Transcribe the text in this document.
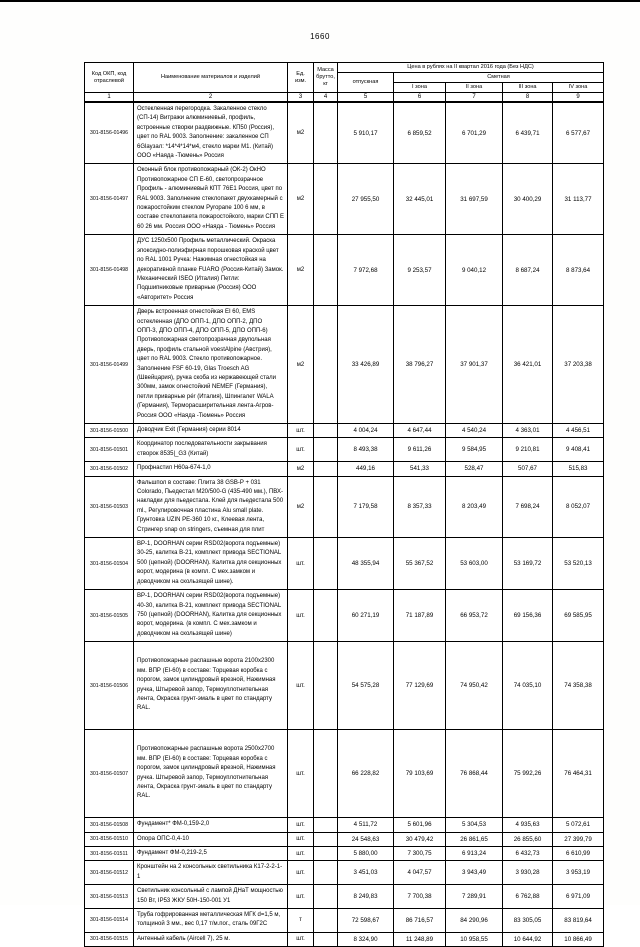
1660
Код ОКП, код отраслевой	Наименование материалов и изделий	Ед. изм.	Масса брутто, кг	Цена в рублях на II квартал 2016 года (Без НДС)				
				отпускная	Сметная			
					I зона	II зона	III зона	IV зона
1	2	3	4	5	6	7	8	9
301-8156-01496	Остекленная перегородка. Закаленное стекло (СП-14) Витражи алюминиевый, профиль, встроенные створки раздвижные. КП50 (Россия), цвет по RAL 9003. Заполнение: закаленное СП 6Glaузал: *14*4*14*м4, стекло марки М1. (Китай) ООО «Наяда -Тюмень» Россия	м2		5 910,17	6 859,52	6 701,29	6 439,71	6 577,67
301-8156-01497	Оконный блок противопожарный (ОК-2) ОкНО Противопожарное СП Е-60, светопрозрачное Профиль - алюминиевый КПТ 76Е1 Россия, цвет по RAL 9003. Заполнение стеклопакет двухкамерный с пожаростойким стеклом Pyropane 100 6 мм, в составе стеклопакета пожаростойкого, марки СПП Е 60 26 мм. Россия ООО «Наяда - Тюмень» Россия	м2		27 955,50	32 445,01	31 697,59	30 400,29	31 113,77
301-8156-01498	ДУС 1250х500 Профиль металлический. Окраска эпоксидно-полиэфирная порошковая краской цвет по RAL 1001 Ручка: Нажимная огнестойкая на декоративной планке FUARO (Россия-Китай) Замок. Механический ISEO (Италия) Петли: Подшипниковые приварные (Россия) ООО «Авторитет» Россия	м2		7 972,68	9 253,57	9 040,12	8 687,24	8 873,64
301-8156-01499	Дверь встроенная огнестойкая EI 60, EMS остекленная (ДПО ОПП-1, ДПО ОПП-2, ДПО ОПП-3, ДПО ОПП-4, ДПО ОПП-5, ДПО ОПП-6) Противопожарная светопрозрачная двупольная дверь, профиль стальной voestAlpine (Австрия), цвет по RAL 9003. Стекло противопожарное. Заполнение FSF 60-19, Glas Troesch AG (Швейцария), ручка скоба из нержавеющей стали 300мм, замок огнестойкий NEMEF (Германия), петли приварные pér (Италия), Шпингалет WALA (Германия), Терморасширительная лента-Агров-Россия ООО «Наяда -Тюмень» Россия	м2		33 426,89	38 796,27	37 901,37	36 421,01	37 203,38
301-8156-01500	Доводчик Exit (Германия) серии 8014	шт.		4 004,24	4 647,44	4 540,24	4 363,01	4 456,51
301-8156-01501	Координатор последовательности закрывания створок 8535|_G3 (Китай)	шт.		8 493,38	9 611,26	9 584,95	9 210,81	9 408,41
301-8156-01502	Профнастил Н60а-674-1,0	м2		449,16	541,33	528,47	507,67	515,83
301-8156-01503	Фальшпол в составе: Плита 38 GSB-P + 031 Colorado, Пьедестал М20/500-G (435-490 мм.), ПВХ-накладки для пьедестала. Клей для пьедестала 500 ml., Регулировочная пластина Alu small plate. Грунтовка UZIN PE-360 10 кг., Клеевая лента, Стрингер snap on stringers, съемная для плит	м2		7 179,58	8 357,33	8 203,49	7 698,24	8 052,07
301-8156-01504	ВР-1, DOORHAN серии RSD02(ворота подъемные) 30-25, калитка В-21, комплект привода SECTIONAL 500 (цепной) (DOORHAN). Калитка для секционных ворот, модерина (в компл. С мех.замком и доводчиком на скользящей шине).	шт.		48 355,94	55 367,52	53 603,00	53 169,72	53 520,13
301-8156-01505	ВР-1, DOORHAN серии RSD02(ворота подъемные) 40-30, калитка В-21, комплект привода SECTIONAL 750 (цепной) (DOORHAN), Калитка для секционных ворот, модерина. (в компл. С мех.замком и доводчиком на скользящей шине)	шт.		60 271,19	71 187,89	66 953,72	69 156,36	69 585,95
301-8156-01506	Противопожарные распашные ворота 2100х2300 мм. ВПР (ЕI-60) в составе: Торцевая коробка с порогом, замок цилиндровый врезной, Нажимная ручка, Штыревой запор, Термоуплотнительная лента, Окраска грунт-эмаль в цвет по стандарту RAL.	шт.		54 575,28	77 129,69	74 950,42	74 035,10	74 358,38
301-8156-01507	Противопожарные распашные ворота 2500х2700 мм. ВПР (ЕI-60) в составе: Торцевая коробка с порогом, замок цилиндровый врезной, Нажимная ручка. Штыревой запор, Термоуплотнительная лента, Окраска грунт-эмаль в цвет по стандарту RAL.	шт.		66 228,82	79 103,69	76 868,44	75 992,26	76 464,31
301-8156-01508	Фундамент* ФМ-0,159-2,0	шт.		4 511,72	5 601,96	5 304,53	4 935,63	5 072,61
301-8156-01510	Опора ОПС-0,4-10	шт.		24 548,63	30 479,42	26 861,65	26 855,60	27 399,79
301-8156-01511	Фундамент ФМ-0,219-2,5	шт.		5 880,00	7 300,75	6 913,24	6 432,73	6 610,99
301-8156-01512	Кронштейн на 2 консольных светильника К17-2-2-1-1	шт.		3 451,03	4 047,57	3 943,49	3 930,28	3 953,19
301-8156-01513	Светильник консольный с лампой ДНаТ мощностью 150 Вт, IP53 ЖКУ 50Н-150-001 У1	шт.		8 249,83	7 700,38	7 289,91	6 762,88	6 971,09
301-8156-01514	Труба гофрированная металлическая МГК d=1,5 м, толщиной 3 мм., вес 0,17 т/м.пог., сталь 09Г2С	т		72 598,67	86 716,57	84 290,96	83 305,05	83 819,64
301-8156-01515	Антенный кабель (Aircell 7), 25 м.	шт.		8 324,90	11 248,89	10 958,55	10 644,92	10 866,49
